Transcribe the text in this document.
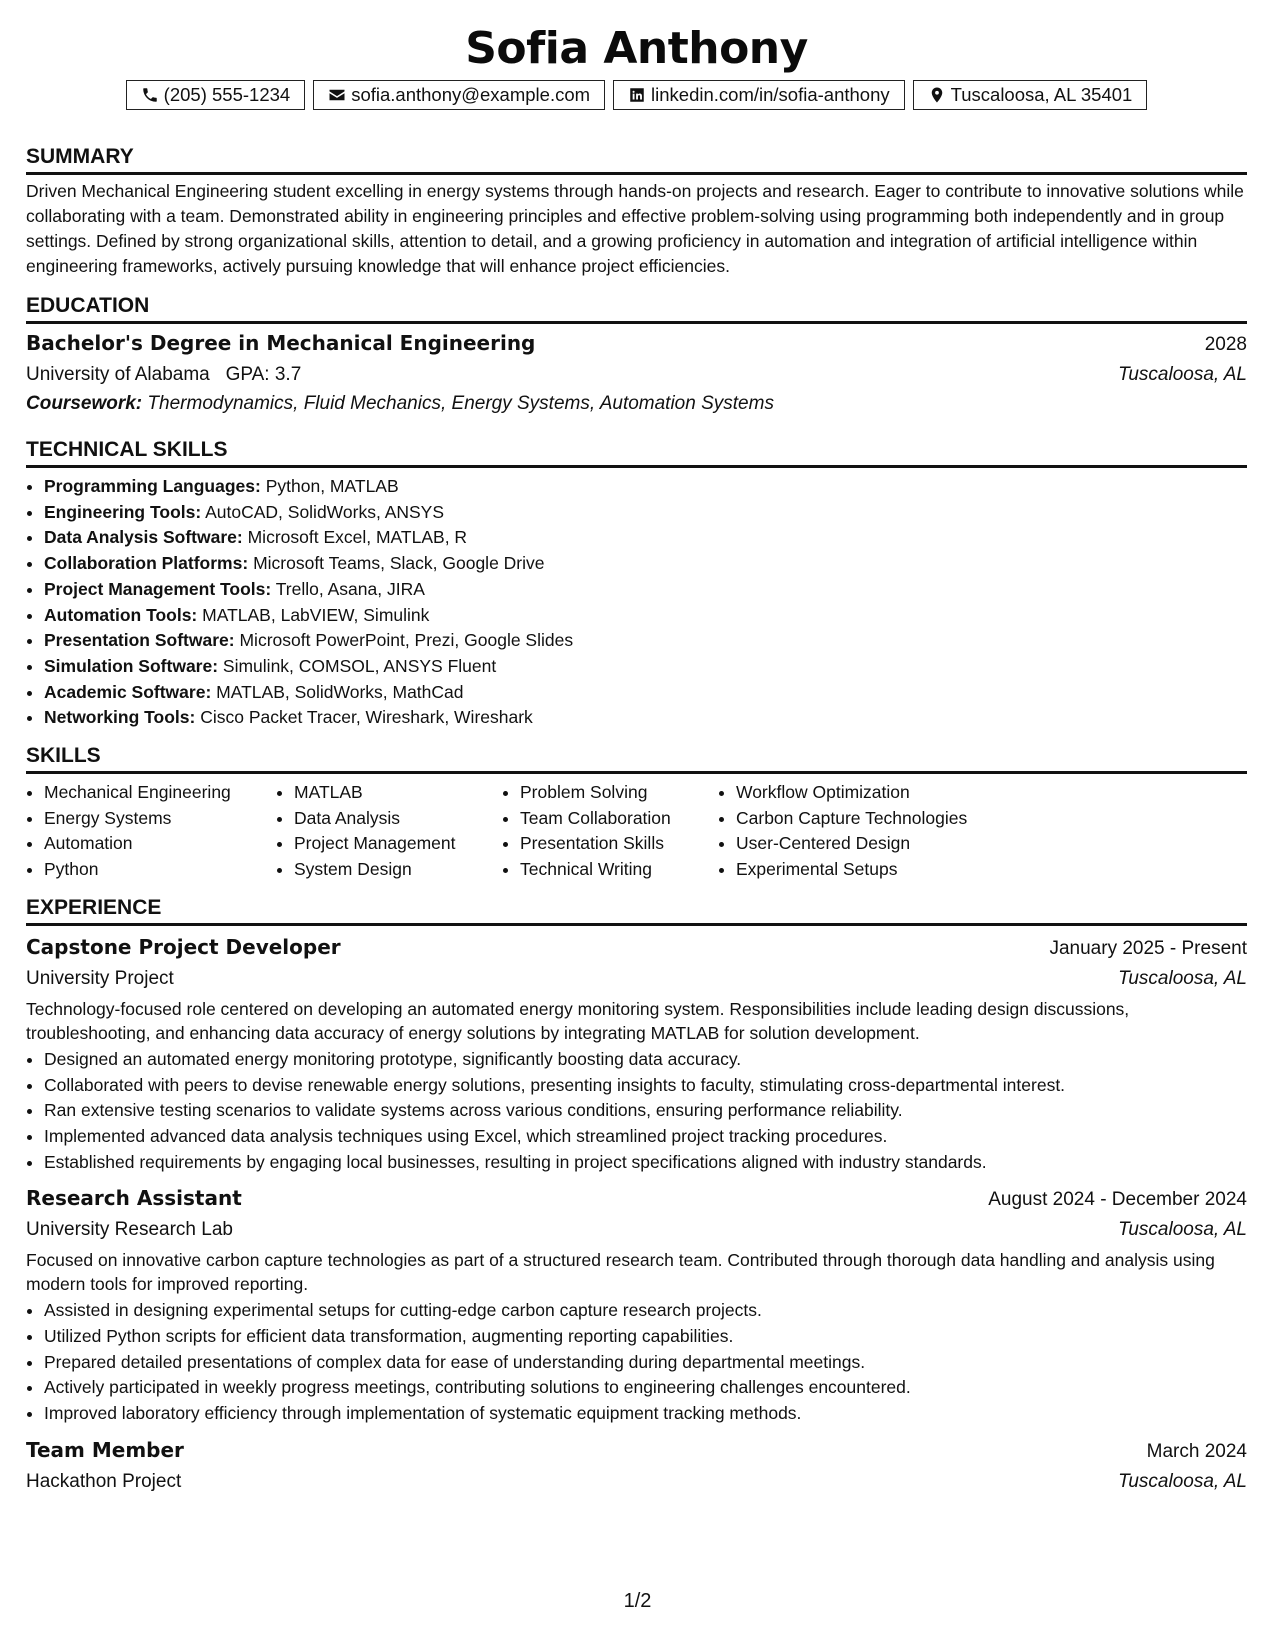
Sofia Anthony
(205) 555-1234	sofia.anthony@example.com	linkedin.com/in/sofia-anthony	Tuscaloosa, AL 35401
SUMMARY

Driven Mechanical Engineering student excelling in energy systems through hands-on projects and research. Eager to contribute to innovative solutions while collaborating with a team. Demonstrated ability in engineering principles and effective problem-solving using programming both independently and in group settings. Defined by strong organizational skills, attention to detail, and a growing proficiency in automation and integration of artificial intelligence within engineering frameworks, actively pursuing knowledge that will enhance project efficiencies.

EDUCATION
Bachelor's Degree in Mechanical Engineering	2028
University of Alabama GPA: 3.7	Tuscaloosa, AL
Coursework: Thermodynamics, Fluid Mechanics, Energy Systems, Automation Systems
TECHNICAL SKILLS
• Programming Languages: Python, MATLAB
• Engineering Tools: AutoCAD, SolidWorks, ANSYS
• Data Analysis Software: Microsoft Excel, MATLAB, R
• Collaboration Platforms: Microsoft Teams, Slack, Google Drive
• Project Management Tools: Trello, Asana, JIRA
• Automation Tools: MATLAB, LabVIEW, Simulink
• Presentation Software: Microsoft PowerPoint, Prezi, Google Slides
• Simulation Software: Simulink, COMSOL, ANSYS Fluent
• Academic Software: MATLAB, SolidWorks, MathCad
• Networking Tools: Cisco Packet Tracer, Wireshark, Wireshark
SKILLS
• Mechanical Engineering
• Energy Systems
• Automation
• Python
• MATLAB
• Data Analysis
• Project Management
• System Design
• Problem Solving
• Team Collaboration
• Presentation Skills
• Technical Writing
• Workflow Optimization
• Carbon Capture Technologies
• User-Centered Design
• Experimental Setups
EXPERIENCE
Capstone Project Developer	January 2025 - Present
University Project	Tuscaloosa, AL

Technology-focused role centered on developing an automated energy monitoring system. Responsibilities include leading design discussions, troubleshooting, and enhancing data accuracy of energy solutions by integrating MATLAB for solution development.

• Designed an automated energy monitoring prototype, significantly boosting data accuracy.
• Collaborated with peers to devise renewable energy solutions, presenting insights to faculty, stimulating cross-departmental interest.
• Ran extensive testing scenarios to validate systems across various conditions, ensuring performance reliability.
• Implemented advanced data analysis techniques using Excel, which streamlined project tracking procedures.
• Established requirements by engaging local businesses, resulting in project specifications aligned with industry standards.
Research Assistant	August 2024 - December 2024
University Research Lab	Tuscaloosa, AL

Focused on innovative carbon capture technologies as part of a structured research team. Contributed through thorough data handling and analysis using modern tools for improved reporting.

• Assisted in designing experimental setups for cutting-edge carbon capture research projects.
• Utilized Python scripts for efficient data transformation, augmenting reporting capabilities.
• Prepared detailed presentations of complex data for ease of understanding during departmental meetings.
• Actively participated in weekly progress meetings, contributing solutions to engineering challenges encountered.
• Improved laboratory efficiency through implementation of systematic equipment tracking methods.
Team Member	March 2024
Hackathon Project	Tuscaloosa, AL
1/2
